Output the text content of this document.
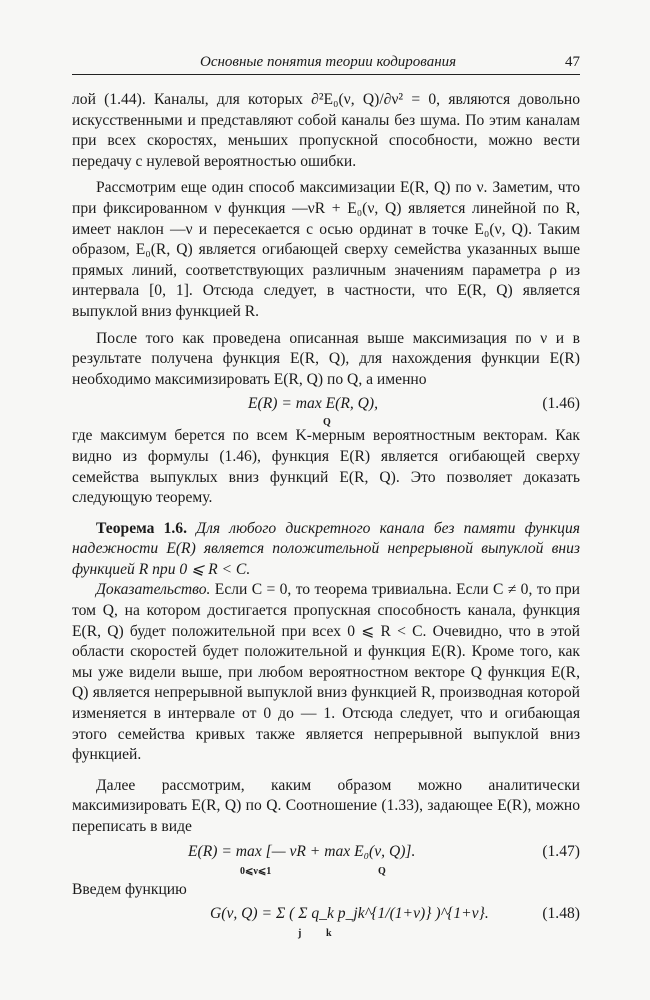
Основные понятия теории кодирования	47

лой (1.44). Каналы, для которых ∂²E₀(ν, Q)/∂ν² = 0, являются довольно искусственными и представляют собой каналы без шума. По этим каналам при всех скоростях, меньших пропускной способности, можно вести передачу с нулевой вероятностью ошибки.

Рассмотрим еще один способ максимизации E(R, Q) по ν. Заметим, что при фиксированном ν функция —νR + E₀(ν, Q) является линейной по R, имеет наклон —ν и пересекается с осью ординат в точке E₀(ν, Q). Таким образом, E₀(R, Q) является огибающей сверху семейства указанных выше прямых линий, соответствующих различным значениям параметра ρ из интервала [0, 1]. Отсюда следует, в частности, что E(R, Q) является выпуклой вниз функцией R.

После того как проведена описанная выше максимизация по ν и в результате получена функция E(R, Q), для нахождения функции E(R) необходимо максимизировать E(R, Q) по Q, а именно

E(R) = max E(R, Q),
Q
(1.46)

где максимум берется по всем K-мерным вероятностным векторам. Как видно из формулы (1.46), функция E(R) является огибающей сверху семейства выпуклых вниз функций E(R, Q). Это позволяет доказать следующую теорему.

Теорема 1.6. Для любого дискретного канала без памяти функция надежности E(R) является положительной непрерывной выпуклой вниз функцией R при 0 ⩽ R < C.

Доказательство. Если C = 0, то теорема тривиальна. Если C ≠ 0, то при том Q, на котором достигается пропускная способность канала, функция E(R, Q) будет положительной при всех 0 ⩽ R < C. Очевидно, что в этой области скоростей будет положительной и функция E(R). Кроме того, как мы уже видели выше, при любом вероятностном векторе Q функция E(R, Q) является непрерывной выпуклой вниз функцией R, производная которой изменяется в интервале от 0 до — 1. Отсюда следует, что и огибающая этого семейства кривых также является непрерывной выпуклой вниз функцией.

Далее рассмотрим, каким образом можно аналитически максимизировать E(R, Q) по Q. Соотношение (1.33), задающее E(R), можно переписать в виде

E(R) = max [— νR + max E₀(ν, Q)].
0⩽ν⩽1	Q
(1.47)

Введем функцию

G(ν, Q) = Σ ( Σ q_k p_jk^{1/(1+ν)} )^{1+ν}.
j k
(1.48)
